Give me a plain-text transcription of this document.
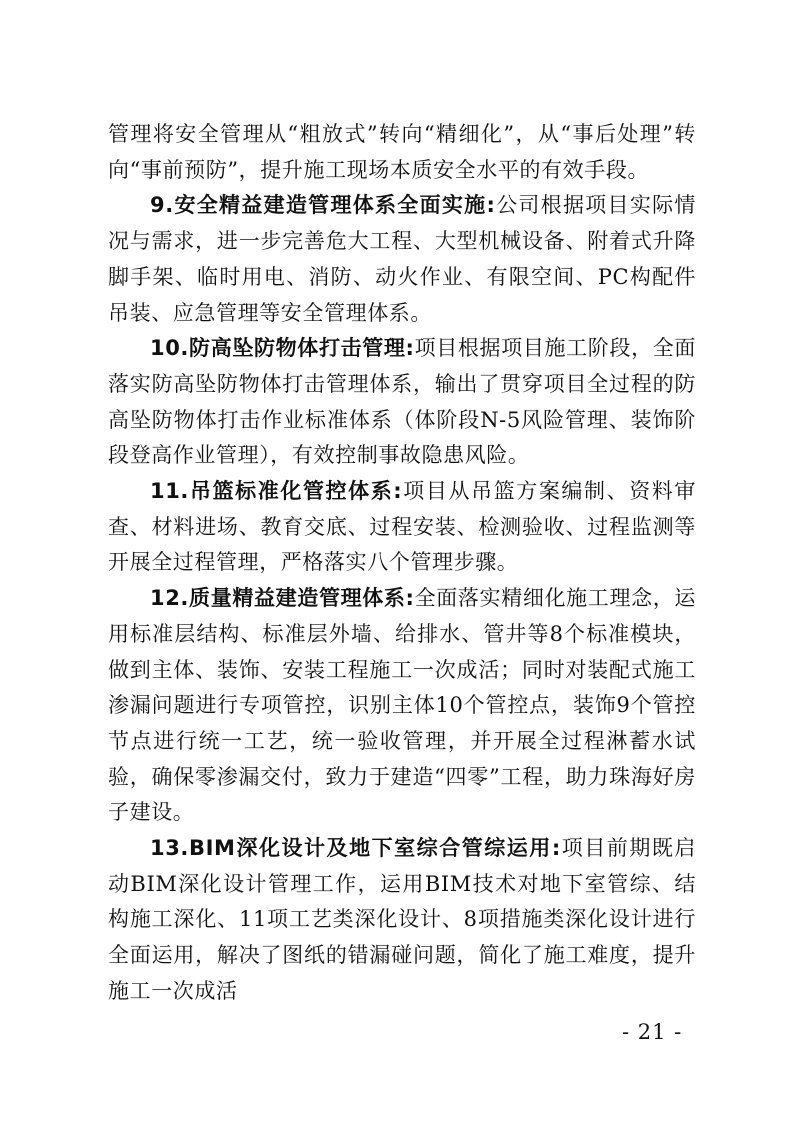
管理将安全管理从“粗放式”转向“精细化”，从“事后处理”转向“事前预防”，提升施工现场本质安全水平的有效手段。

9.安全精益建造管理体系全面实施:公司根据项目实际情况与需求，进一步完善危大工程、大型机械设备、附着式升降脚手架、临时用电、消防、动火作业、有限空间、PC构配件吊装、应急管理等安全管理体系。

10.防高坠防物体打击管理:项目根据项目施工阶段，全面落实防高坠防物体打击管理体系，输出了贯穿项目全过程的防高坠防物体打击作业标准体系（体阶段N-5风险管理、装饰阶段登高作业管理），有效控制事故隐患风险。

11.吊篮标准化管控体系:项目从吊篮方案编制、资料审查、材料进场、教育交底、过程安装、检测验收、过程监测等开展全过程管理，严格落实八个管理步骤。

12.质量精益建造管理体系:全面落实精细化施工理念，运用标准层结构、标准层外墙、给排水、管井等8个标准模块，做到主体、装饰、安装工程施工一次成活；同时对装配式施工渗漏问题进行专项管控，识别主体10个管控点，装饰9个管控节点进行统一工艺，统一验收管理，并开展全过程淋蓄水试验，确保零渗漏交付，致力于建造“四零”工程，助力珠海好房子建设。

13.BIM深化设计及地下室综合管综运用:项目前期既启动BIM深化设计管理工作，运用BIM技术对地下室管综、结构施工深化、11项工艺类深化设计、8项措施类深化设计进行全面运用，解决了图纸的错漏碰问题，简化了施工难度，提升施工一次成活

- 21 -
